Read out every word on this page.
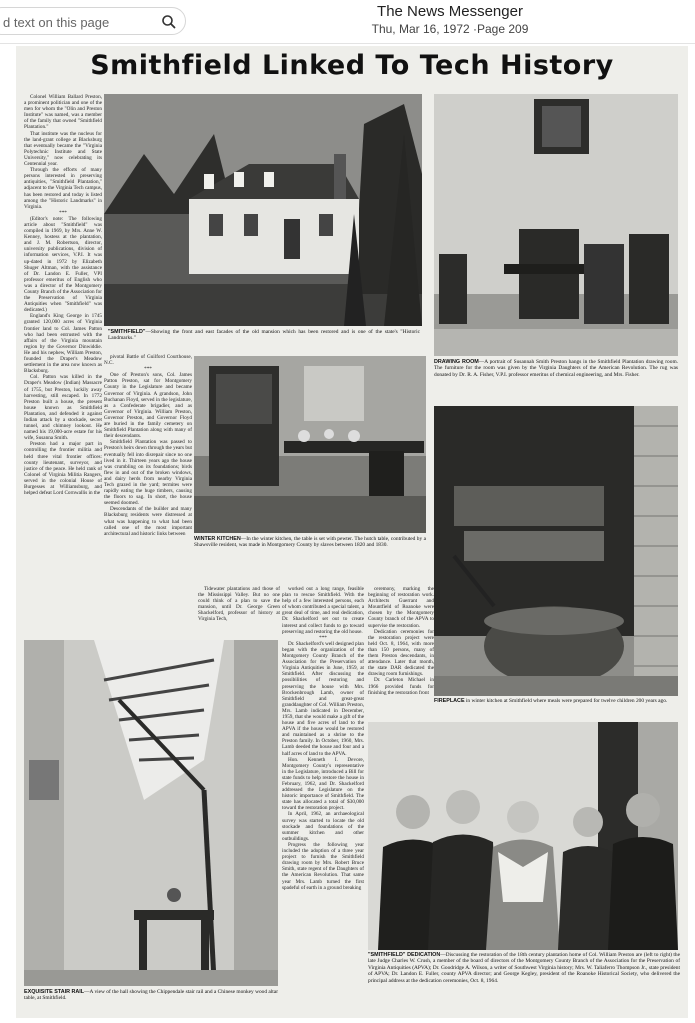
d text on this page
The News Messenger
Thu, Mar 16, 1972 ·Page 209
Smithfield Linked To Tech History

Colonel William Ballard Preston, a prominent politician and one of the men for whom the "Olin and Preston Institute" was named, was a member of the family that owned "Smithfield Plantation."

That institute was the nucleus for the land-grant college at Blacksburg that eventually became the "Virginia Polytechnic Institute and State University," now celebrating its Centennial year.

Through the efforts of many persons interested in preserving antiquities, "Smithfield Plantation," adjacent to the Virginia Tech campus, has been restored and today is listed among the "Historic Landmarks" in Virginia.

***

(Editor's note: The following article about "Smithfield" was compiled in 1969, by Mrs. Anne W. Kenney, hostess at the plantation, and J. M. Robertson, director, university publications, division of information services, V.P.I. It was up-dated in 1972 by Elizabeth Shuger Altman, with the assistance of Dr. Landon E. Fuller, VPI professor emeritus of English who was a director of the Montgomery County Branch of the Association for the Preservation of Virginia Antiquities when "Smithfield" was dedicated.)

England's King George in 1745 granted 120,000 acres of Virginia frontier land to Col. James Patton who had been entrusted with the affairs of the Virginia mountain region by the Governor Dinwiddie. He and his nephew, William Preston, founded the Draper's Meadow settlement in the area now known as Blacksburg.

Col. Patton was killed in the Draper's Meadow (Indian) Massacre of 1755, but Preston, luckily away harvesting, still escaped. In 1772 Preston built a house, the present house known as Smithfield Plantation, and defended it against Indian attack by a stockade, secret tunnel, and chimney lookout. He named his 19,000-acre estate for his wife, Susanna Smith.

Preston had a major part in controlling the frontier militia and held three vital frontier offices: county lieutenant, surveyor, and justice of the peace. He held rank of Colonel of Virginia Militia Rangers, served in the colonial House of Burgesses at Williamsburg, and helped defeat Lord Cornwallis in the

pivotal Battle of Guilford Courthouse, N.C.

***

One of Preston's sons, Col. James Patton Preston, sat for Montgomery County in the Legislature and became Governor of Virginia. A grandson, John Buchanan Floyd, served in the legislature, as a Confederate brigadier, and as Governor of Virginia. William Preston, Governor Preston, and Governor Floyd are buried in the family cemetery on Smithfield Plantation along with many of their descendants.

Smithfield Plantation was passed to Preston's heirs down through the years but eventually fell into disrepair since no one lived in it. Thirteen years ago the house was crumbling on its foundations; birds flew in and out of the broken windows, and dairy herds from nearby Virginia Tech grazed in the yard; termites were rapidly eating the huge timbers, causing the floors to sag. In short, the house seemed doomed.

Descendants of the builder and many Blacksburg residents were distressed at what was happening to what had been called one of the most important architectural and historic links between

Tidewater plantations and those of the Mississippi Valley. But no one could think of a plan to save the mansion, until Dr. George Green Shackelford, professor of history at Virginia Tech,

worked out a long range, feasible plan to rescue Smithfield. With the help of a few interested persons, each of whom contributed a special talent, a great deal of time, and real dedication, Dr. Shackelford set out to create interest and collect funds to go toward preserving and restoring the old house.

***

Dr. Shackelford's well designed plan began with the organization of the Montgomery County Branch of the Association for the Preservation of Virginia Antiquities in June, 1959, at Smithfield. After discussing the possibilities of restoring and preserving the house with Mrs. Brockenbrough Lamb, owner of Smithfield and great-great granddaughter of Col. William Preston, Mrs. Lamb indicated in December, 1959, that she would make a gift of the house and five acres of land to the APVA if the house would be restored and maintained as a shrine to the Preston family. In October, 1960, Mrs. Lamb deeded the house and four and a half acres of land to the APVA.

Hon. Kenneth I. Devore, Montgomery County's representative in the Legislature, introduced a Bill for state funds to help restore the house in February, 1962, and Dr. Shackelford addressed the Legislature on the historic importance of Smithfield. The state has allocated a total of $30,000 toward the restoration project.

In April, 1962, an archaeological survey was started to locate the old stockade and foundations of the summer kitchen and other outbuildings.

Progress the following year included the adoption of a three year project to furnish the Smithfield drawing room by Mrs. Robert Bruce Smith, state regent of the Daughters of the American Revolution. That same year Mrs. Lamb turned the first spadeful of earth in a ground breaking

ceremony, marking the beginning of restoration work. Architects Guerrant and Mountfield of Roanoke were chosen by the Montgomery County branch of the APVA to supervise the restoration.

Dedication ceremonies for the restoration project were held Oct. 8, 1964, with more than 150 persons, many of them Preston descendants, in attendance. Later that month, the state DAR dedicated the drawing room furnishings.

Dr. Carleton Michael in 1966 provided funds for finishing the restoration front

"SMITHFIELD"—Showing the front and east facades of the old mansion which has been restored and is one of the state's "Historic Landmarks."
DRAWING ROOM—A portrait of Susannah Smith Preston hangs in the Smithfield Plantation drawing room. The furniture for the room was given by the Virginia Daughters of the American Revolution. The rug was donated by Dr. R. A. Fisher, V.P.I. professor emeritus of chemical engineering, and Mrs. Fisher.
WINTER KITCHEN—In the winter kitchen, the table is set with pewter. The hutch table, contributed by a Shawsville resident, was made in Montgomery County by slaves between 1820 and 1830.
FIREPLACE in winter kitchen at Smithfield where meals were prepared for twelve children 200 years ago.
EXQUISITE STAIR RAIL—A view of the hall showing the Chippendale stair rail and a Chinese monkey wood altar table, at Smithfield.
"SMITHFIELD" DEDICATION—Discussing the restoration of the 18th century plantation home of Col. William Preston are (left to right) the late Judge Charles W. Crush, a member of the board of directors of the Montgomery County Branch of the Association for the Preservation of Virginia Antiquities (APVA); Dr. Goodridge A. Wilson, a writer of Southwest Virginia history; Mrs. W. Taliaferro Thompson Jr., state president of APVA; Dr. Landon E. Fuller, county APVA director; and George Kegley, president of the Roanoke Historical Society, who delivered the principal address at the dedication ceremonies, Oct. 8, 1964.
